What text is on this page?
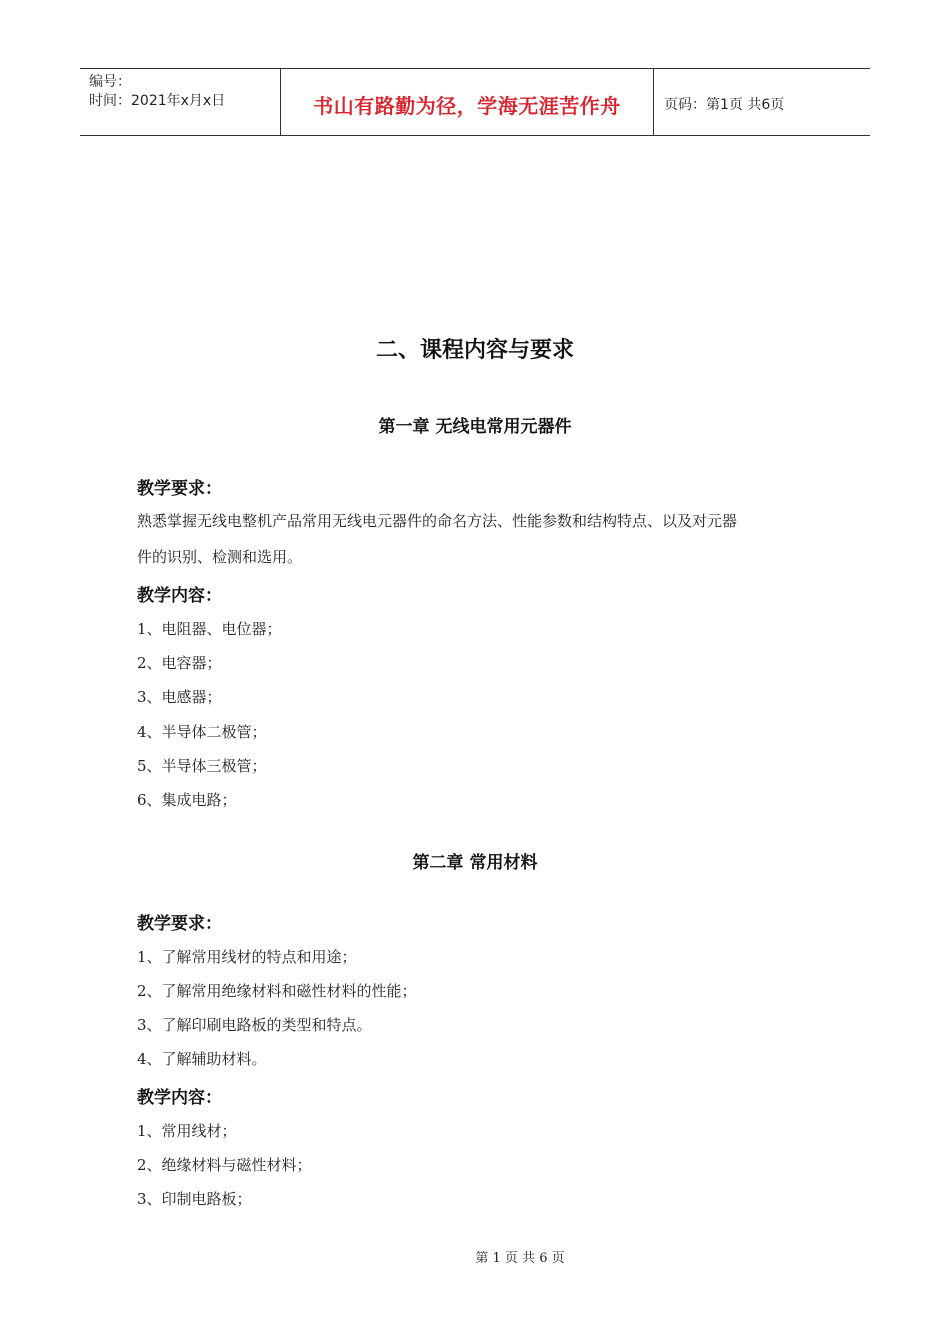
编号：
时间：2021年x月x日	书山有路勤为径，学海无涯苦作舟	页码：第1页 共6页
二、课程内容与要求
第一章 无线电常用元器件
教学要求：
熟悉掌握无线电整机产品常用无线电元器件的命名方法、性能参数和结构特点、以及对元器
件的识别、检测和选用。
教学内容：
1、电阻器、电位器；
2、电容器；
3、电感器；
4、半导体二极管；
5、半导体三极管；
6、集成电路；
第二章 常用材料
教学要求：
1、了解常用线材的特点和用途；
2、了解常用绝缘材料和磁性材料的性能；
3、了解印刷电路板的类型和特点。
4、了解辅助材料。
教学内容：
1、常用线材；
2、绝缘材料与磁性材料；
3、印制电路板；
第 1 页 共 6 页
